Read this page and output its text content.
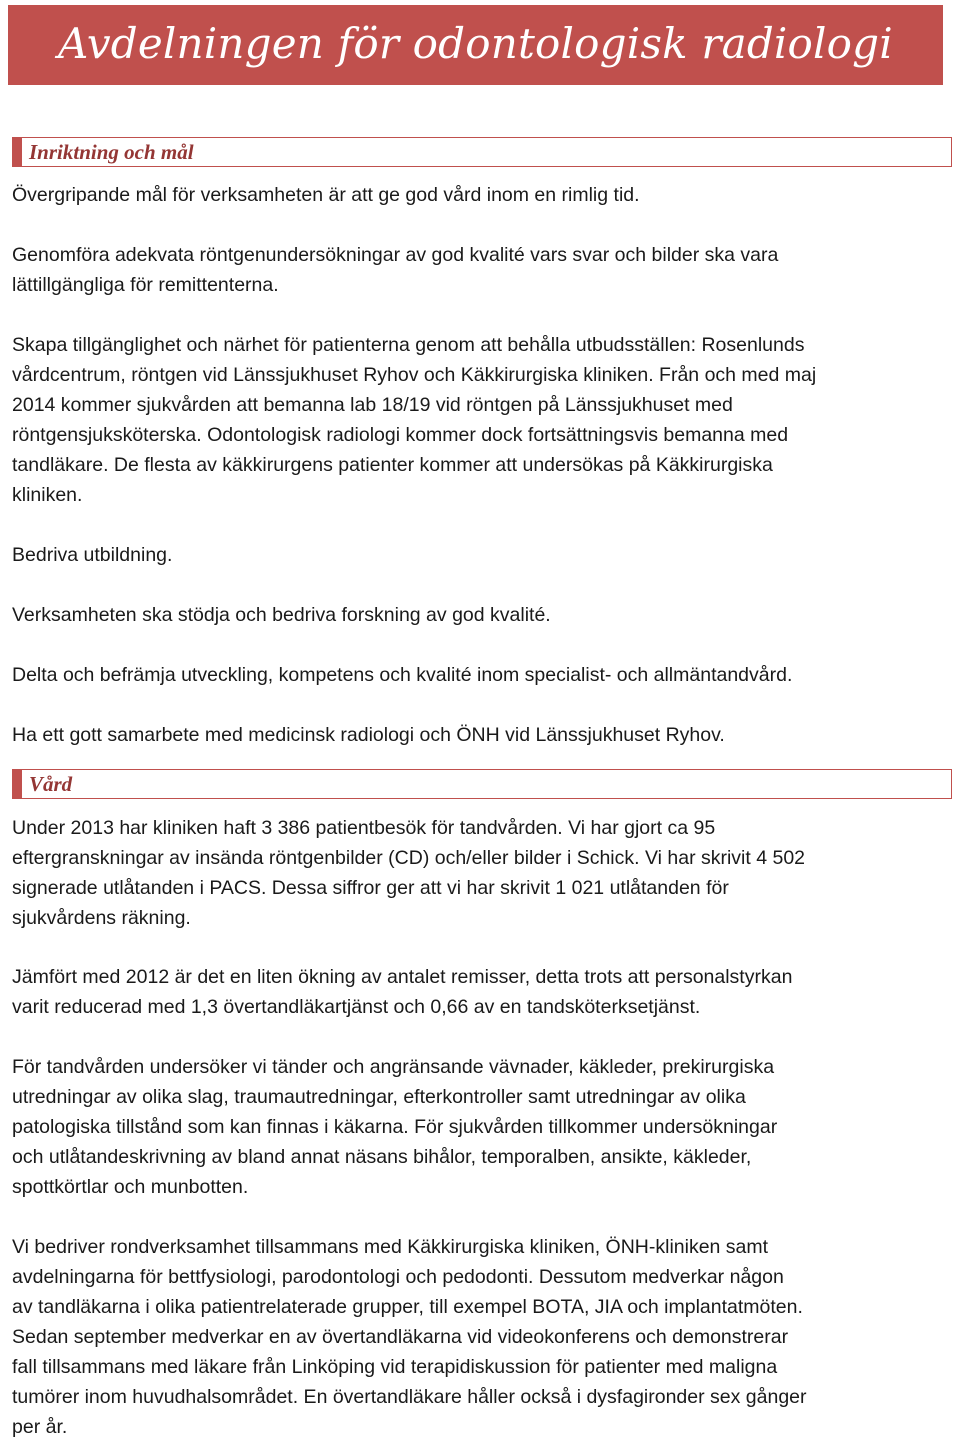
Avdelningen för odontologisk radiologi
Inriktning och mål
Övergripande mål för verksamheten är att ge god vård inom en rimlig tid.
Genomföra adekvata röntgenundersökningar av god kvalité vars svar och bilder ska vara
lättillgängliga för remittenterna.
Skapa tillgänglighet och närhet för patienterna genom att behålla utbudsställen: Rosenlunds
vårdcentrum, röntgen vid Länssjukhuset Ryhov och Käkkirurgiska kliniken. Från och med maj
2014 kommer sjukvården att bemanna lab 18/19 vid röntgen på Länssjukhuset med
röntgensjuksköterska. Odontologisk radiologi kommer dock fortsättningsvis bemanna med
tandläkare. De flesta av käkkirurgens patienter kommer att undersökas på Käkkirurgiska
kliniken.
Bedriva utbildning.
Verksamheten ska stödja och bedriva forskning av god kvalité.
Delta och befrämja utveckling, kompetens och kvalité inom specialist- och allmäntandvård.
Ha ett gott samarbete med medicinsk radiologi och ÖNH vid Länssjukhuset Ryhov.
Vård
Under 2013 har kliniken haft 3 386 patientbesök för tandvården. Vi har gjort ca 95
eftergranskningar av insända röntgenbilder (CD) och/eller bilder i Schick. Vi har skrivit 4 502
signerade utlåtanden i PACS. Dessa siffror ger att vi har skrivit 1 021 utlåtanden för
sjukvårdens räkning.
Jämfört med 2012 är det en liten ökning av antalet remisser, detta trots att personalstyrkan
varit reducerad med 1,3 övertandläkartjänst och 0,66 av en tandsköterksetjänst.
För tandvården undersöker vi tänder och angränsande vävnader, käkleder, prekirurgiska
utredningar av olika slag, traumautredningar, efterkontroller samt utredningar av olika
patologiska tillstånd som kan finnas i käkarna. För sjukvården tillkommer undersökningar
och utlåtandeskrivning av bland annat näsans bihålor, temporalben, ansikte, käkleder,
spottkörtlar och munbotten.
Vi bedriver rondverksamhet tillsammans med Käkkirurgiska kliniken, ÖNH-kliniken samt
avdelningarna för bettfysiologi, parodontologi och pedodonti. Dessutom medverkar någon
av tandläkarna i olika patientrelaterade grupper, till exempel BOTA, JIA och implantatmöten.
Sedan september medverkar en av övertandläkarna vid videokonferens och demonstrerar
fall tillsammans med läkare från Linköping vid terapidiskussion för patienter med maligna
tumörer inom huvudhalsområdet. En övertandläkare håller också i dysfagironder sex gånger
per år.
